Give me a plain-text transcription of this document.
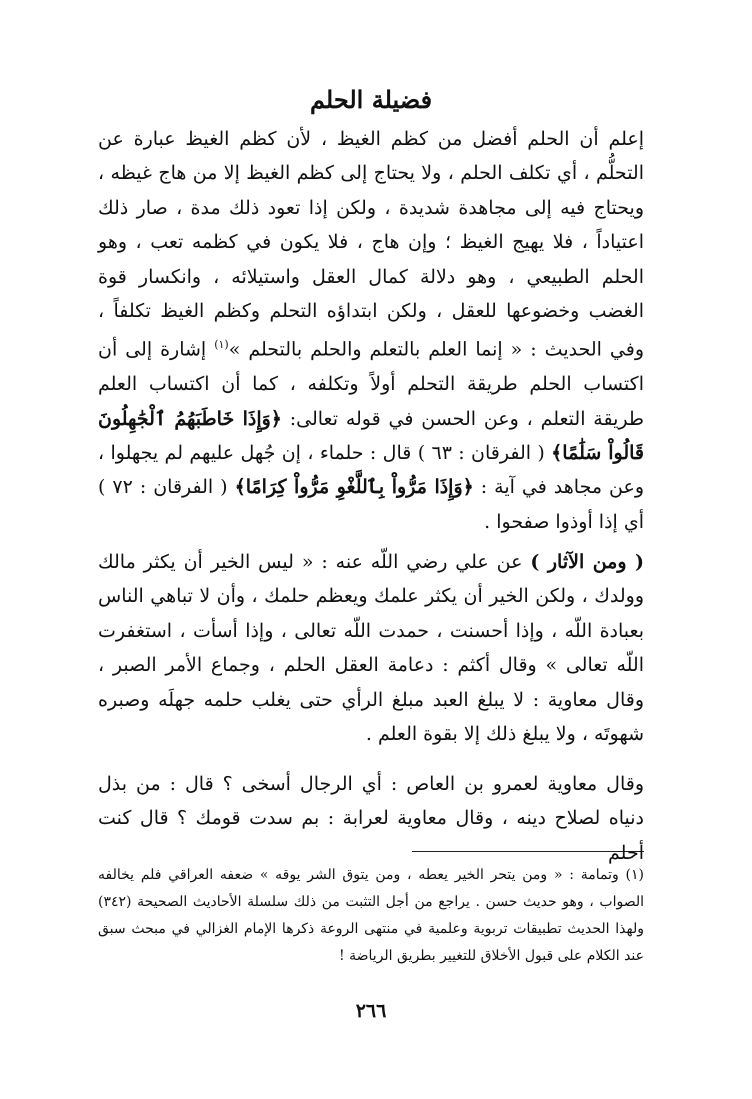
فضيلة الحلم

إعلم أن الحلم أفضل من كظم الغيظ ، لأن كظم الغيظ عبارة عن التحلُّم ، أي تكلف الحلم ، ولا يحتاج إلى كظم الغيظ إلا من هاج غيظه ، ويحتاج فيه إلى مجاهدة شديدة ، ولكن إذا تعود ذلك مدة ، صار ذلك اعتياداً ، فلا يهيج الغيظ ؛ وإن هاج ، فلا يكون في كظمه تعب ، وهو الحلم الطبيعي ، وهو دلالة كمال العقل واستيلائه ، وانكسار قوة الغضب وخضوعها للعقل ، ولكن ابتداؤه التحلم وكظم الغيظ تكلفاً ، وفي الحديث : « إنما العلم بالتعلم والحلم بالتحلم »$^{(١)}$ إشارة إلى أن اكتساب الحلم طريقة التحلم أولاً وتكلفه ، كما أن اكتساب العلم طريقة التعلم ، وعن الحسن في قوله تعالى: ﴿وَإِذَا خَاطَبَهُمُ ٱلْجَٰهِلُونَ قَالُواْ سَلَٰمًا﴾ ( الفرقان : ٦٣ ) قال : حلماء ، إن جُهل عليهم لم يجهلوا ، وعن مجاهد في آية : ﴿وَإِذَا مَرُّواْ بِٱللَّغْوِ مَرُّواْ كِرَامًا﴾ ( الفرقان : ٧٢ ) أي إذا أوذوا صفحوا .

( ومن الآثار ) عن علي رضي اللّه عنه : « ليس الخير أن يكثر مالك وولدك ، ولكن الخير أن يكثر علمك ويعظم حلمك ، وأن لا تباهي الناس بعبادة اللّه ، وإذا أحسنت ، حمدت اللّه تعالى ، وإذا أسأت ، استغفرت اللّه تعالى » وقال أكثم : دعامة العقل الحلم ، وجماع الأمر الصبر ، وقال معاوية : لا يبلغ العبد مبلغ الرأي حتى يغلب حلمه جهلَه وصبره شهوتَه ، ولا يبلغ ذلك إلا بقوة العلم .

وقال معاوية لعمرو بن العاص : أي الرجال أسخى ؟ قال : من بذل دنياه لصلاح دينه ، وقال معاوية لعرابة : بم سدت قومك ؟ قال كنت أحلم

(١) وتمامة : « ومن يتحر الخير يعطه ، ومن يتوق الشر يوقه » ضعفه العراقي فلم يخالفه الصواب ، وهو حديث حسن . يراجع من أجل التثبت من ذلك سلسلة الأحاديث الصحيحة (٣٤٢) ولهذا الحديث تطبيقات تربوية وعلمية في منتهى الروعة ذكرها الإمام الغزالي في مبحث سبق عند الكلام على قبول الأخلاق للتغيير بطريق الرياضة !

٢٦٦
